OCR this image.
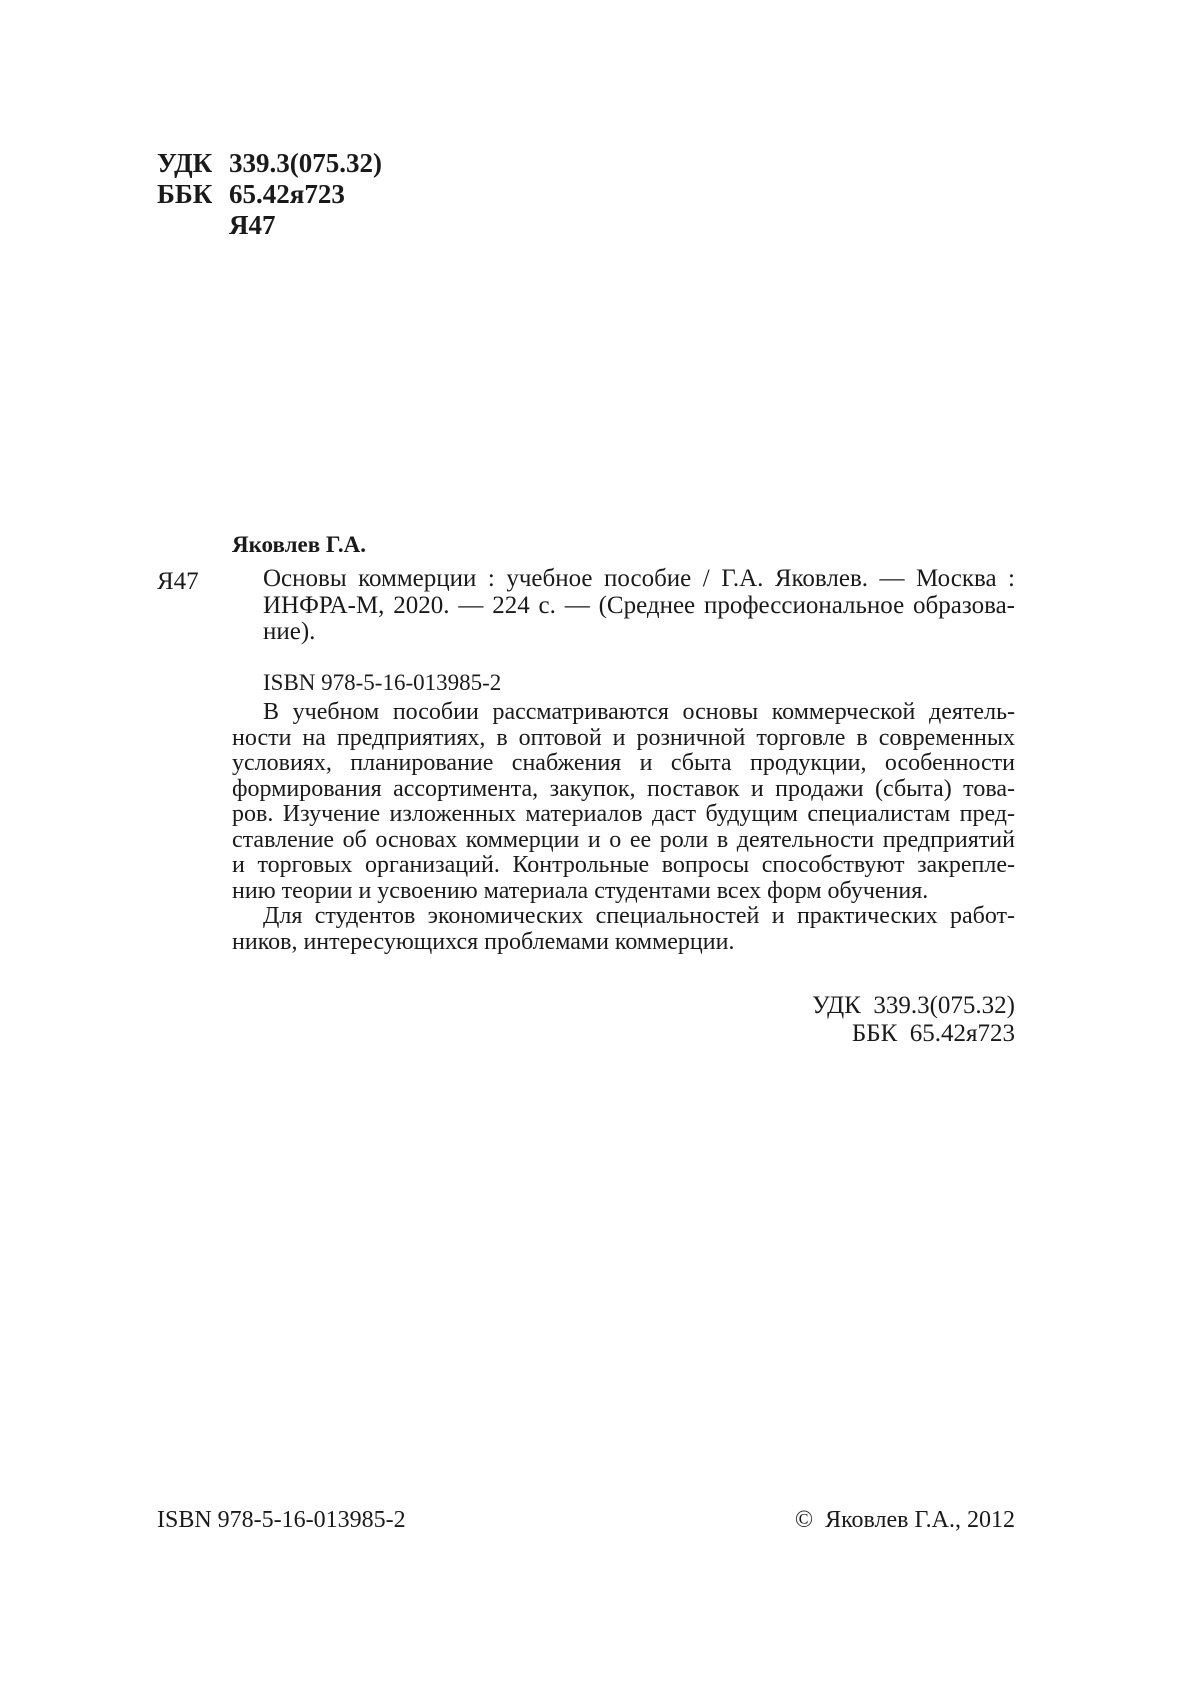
УДК 339.3(075.32)
ББК 65.42я723
Я47
Яковлев Г.А.
Я47	Основы коммерции : учебное пособие / Г.А. Яковлев. — Москва :
ИНФРА-М, 2020. — 224 с. — (Среднее профессиональное образова-
ние).
ISBN 978-5-16-013985-2
В учебном пособии рассматриваются основы коммерческой деятель-
ности на предприятиях, в оптовой и розничной торговле в современных
условиях, планирование снабжения и сбыта продукции, особенности
формирования ассортимента, закупок, поставок и продажи (сбыта) това-
ров. Изучение изложенных материалов даст будущим специалистам пред-
ставление об основах коммерции и о ее роли в деятельности предприятий
и торговых организаций. Контрольные вопросы способствуют закрепле-
нию теории и усвоению материала студентами всех форм обучения.
Для студентов экономических специальностей и практических работ-
ников, интересующихся проблемами коммерции.
УДК  339.3(075.32)
ББК  65.42я723
ISBN 978-5-16-013985-2	©  Яковлев Г.А., 2012
